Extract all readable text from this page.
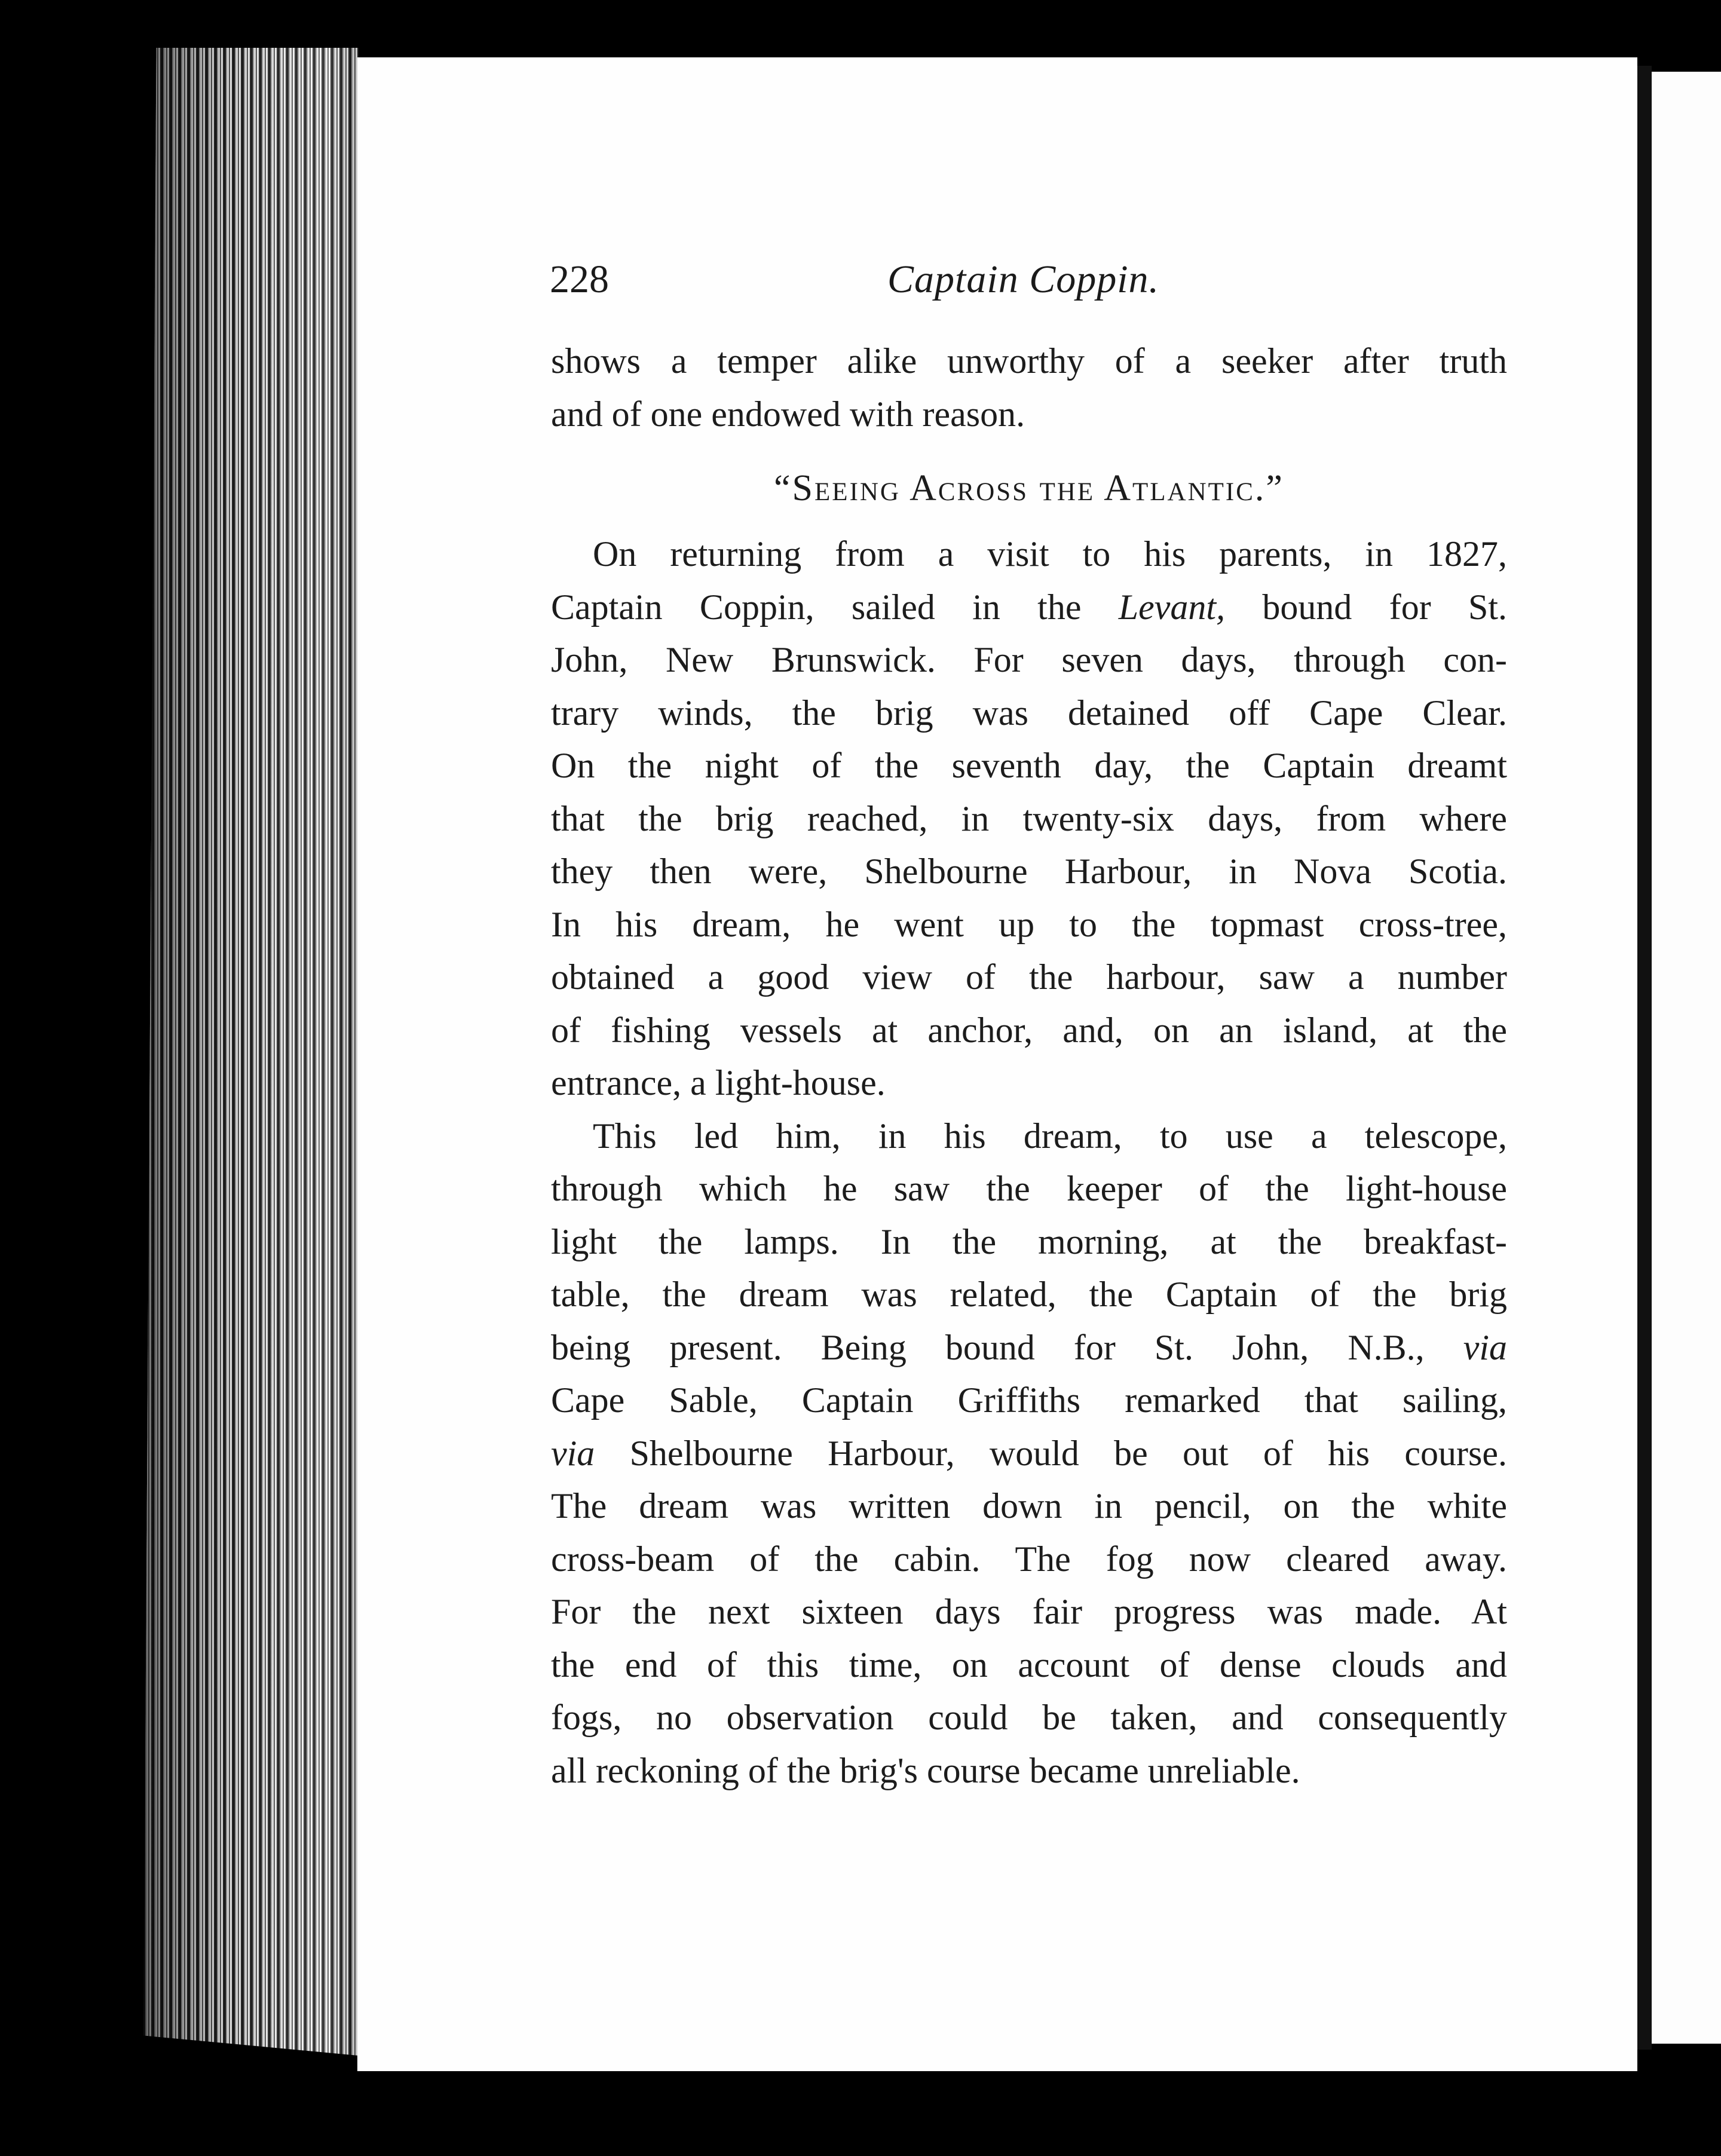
228	Captain Coppin.
shows a temper alike unworthy of a seeker after truth
and of one endowed with reason.
“Seeing Across the Atlantic.”
On returning from a visit to his parents, in 1827,
Captain Coppin, sailed in the Levant, bound for St.
John, New Brunswick. For seven days, through con-
trary winds, the brig was detained off Cape Clear.
On the night of the seventh day, the Captain dreamt
that the brig reached, in twenty-six days, from where
they then were, Shelbourne Harbour, in Nova Scotia.
In his dream, he went up to the topmast cross-tree,
obtained a good view of the harbour, saw a number
of fishing vessels at anchor, and, on an island, at the
entrance, a light-house.
This led him, in his dream, to use a telescope,
through which he saw the keeper of the light-house
light the lamps. In the morning, at the breakfast-
table, the dream was related, the Captain of the brig
being present. Being bound for St. John, N.B., via
Cape Sable, Captain Griffiths remarked that sailing,
via Shelbourne Harbour, would be out of his course.
The dream was written down in pencil, on the white
cross-beam of the cabin. The fog now cleared away.
For the next sixteen days fair progress was made. At
the end of this time, on account of dense clouds and
fogs, no observation could be taken, and consequently
all reckoning of the brig's course became unreliable.
